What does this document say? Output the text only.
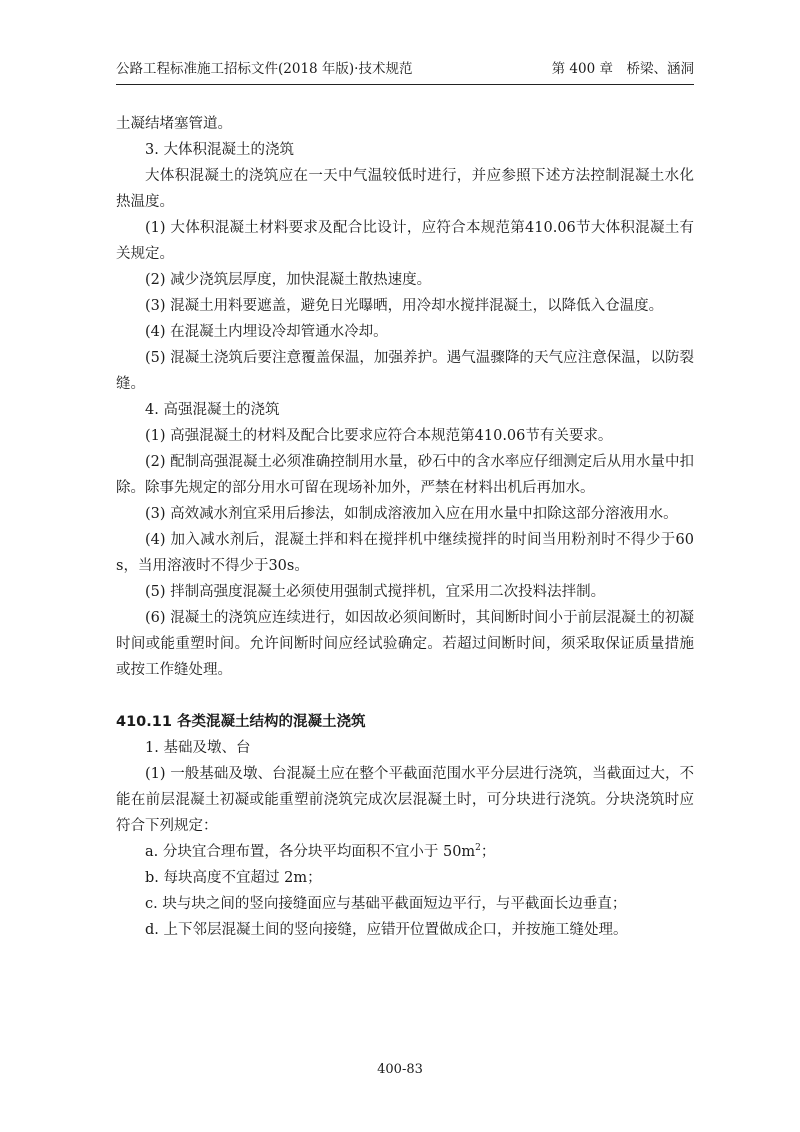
公路工程标准施工招标文件(2018 年版)·技术规范	第 400 章　桥梁、涵洞

土凝结堵塞管道。

3. 大体积混凝土的浇筑

大体积混凝土的浇筑应在一天中气温较低时进行，并应参照下述方法控制混凝土水化热温度。

(1) 大体积混凝土材料要求及配合比设计，应符合本规范第410.06节大体积混凝土有关规定。

(2) 减少浇筑层厚度，加快混凝土散热速度。

(3) 混凝土用料要遮盖，避免日光曝晒，用冷却水搅拌混凝土，以降低入仓温度。

(4) 在混凝土内埋设冷却管通水冷却。

(5) 混凝土浇筑后要注意覆盖保温，加强养护。遇气温骤降的天气应注意保温，以防裂缝。

4. 高强混凝土的浇筑

(1) 高强混凝土的材料及配合比要求应符合本规范第410.06节有关要求。

(2) 配制高强混凝土必须准确控制用水量，砂石中的含水率应仔细测定后从用水量中扣除。除事先规定的部分用水可留在现场补加外，严禁在材料出机后再加水。

(3) 高效减水剂宜采用后掺法，如制成溶液加入应在用水量中扣除这部分溶液用水。

(4) 加入减水剂后，混凝土拌和料在搅拌机中继续搅拌的时间当用粉剂时不得少于60s，当用溶液时不得少于30s。

(5) 拌制高强度混凝土必须使用强制式搅拌机，宜采用二次投料法拌制。

(6) 混凝土的浇筑应连续进行，如因故必须间断时，其间断时间小于前层混凝土的初凝时间或能重塑时间。允许间断时间应经试验确定。若超过间断时间，须采取保证质量措施或按工作缝处理。

410.11 各类混凝土结构的混凝土浇筑

1. 基础及墩、台

(1) 一般基础及墩、台混凝土应在整个平截面范围水平分层进行浇筑，当截面过大，不能在前层混凝土初凝或能重塑前浇筑完成次层混凝土时，可分块进行浇筑。分块浇筑时应符合下列规定：

a. 分块宜合理布置，各分块平均面积不宜小于 $50m^2$；

b. 每块高度不宜超过 2m；

c. 块与块之间的竖向接缝面应与基础平截面短边平行，与平截面长边垂直；

d. 上下邻层混凝土间的竖向接缝，应错开位置做成企口，并按施工缝处理。

400-83
